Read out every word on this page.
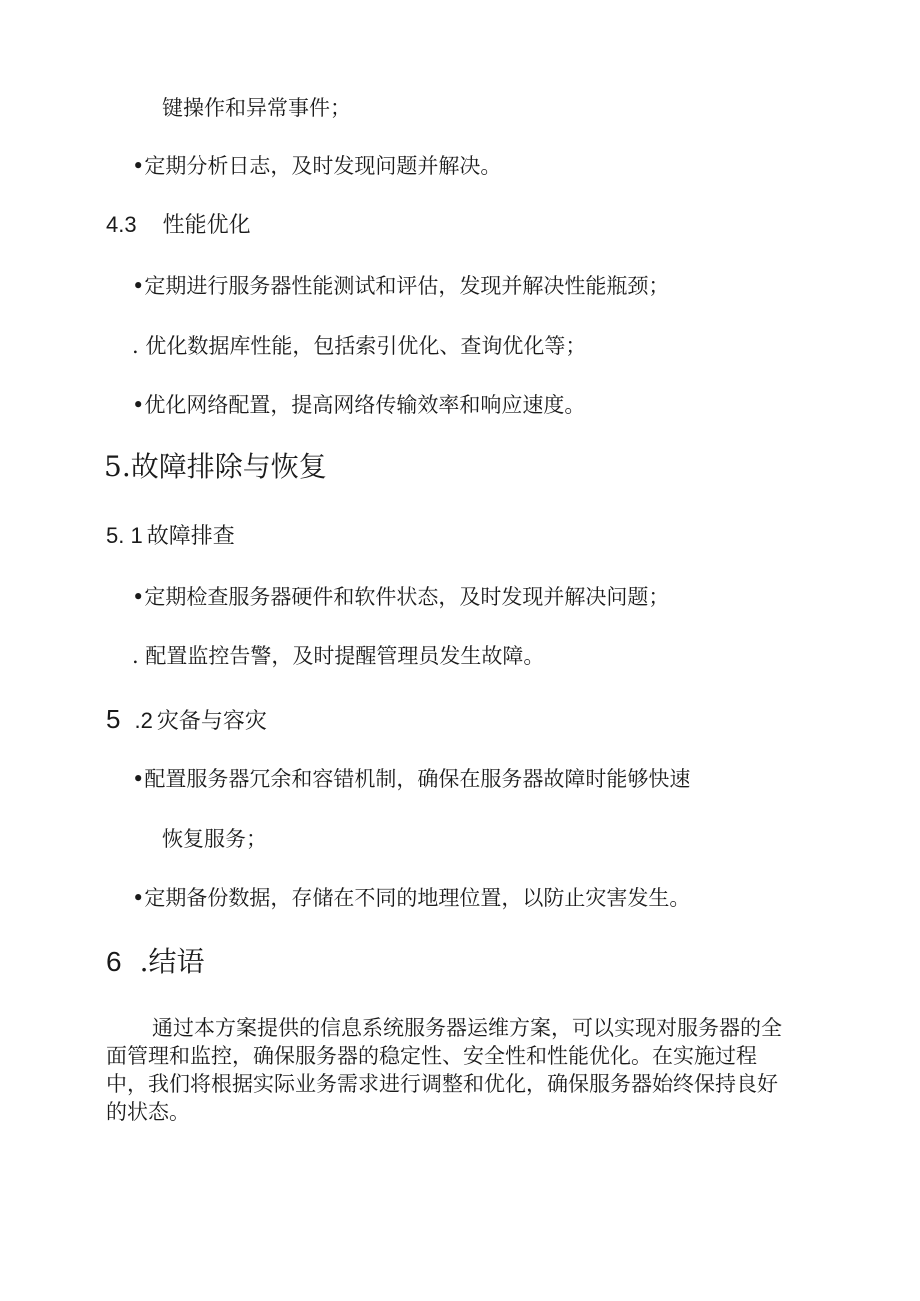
键操作和异常事件；
•定期分析日志，及时发现问题并解决。
4.3 性能优化
•定期进行服务器性能测试和评估，发现并解决性能瓶颈；
. 优化数据库性能，包括索引优化、查询优化等；
•优化网络配置，提高网络传输效率和响应速度。
5.故障排除与恢复
5. 1 故障排查
•定期检查服务器硬件和软件状态，及时发现并解决问题；
. 配置监控告警，及时提醒管理员发生故障。
5 .2 灾备与容灾
•配置服务器冗余和容错机制，确保在服务器故障时能够快速
恢复服务；
•定期备份数据，存储在不同的地理位置，以防止灾害发生。
6 .结语
通过本方案提供的信息系统服务器运维方案，可以实现对服务器的全
面管理和监控，确保服务器的稳定性、安全性和性能优化。在实施过程
中，我们将根据实际业务需求进行调整和优化，确保服务器始终保持良好
的状态。
